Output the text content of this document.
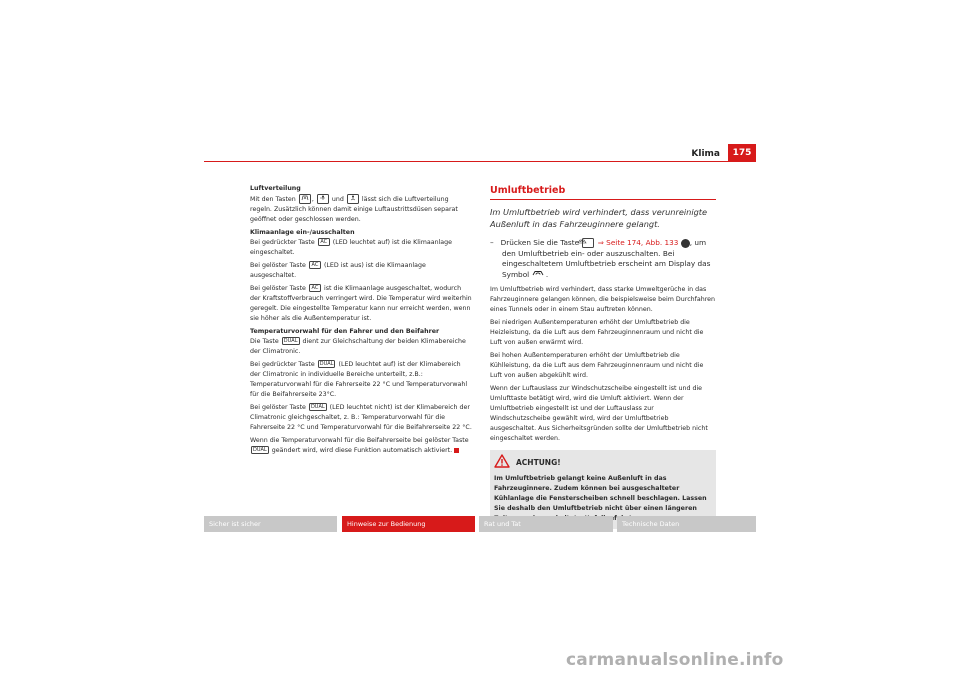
Klima	175
Luftverteilung

Mit den Tasten	,	und	lässt sich die Luftverteilung regeln. Zusätzlich können damit einige Luftaustrittsdüsen separat geöffnet oder geschlossen werden.

Klimaanlage ein-/ausschalten

Bei gedrückter Taste AC (LED leuchtet auf) ist die Klimaanlage eingeschaltet.

Bei gelöster Taste AC (LED ist aus) ist die Klimaanlage ausgeschaltet.

Bei gelöster Taste AC ist die Klimaanlage ausgeschaltet, wodurch der Kraftstoffverbrauch verringert wird. Die Temperatur wird weiterhin geregelt. Die eingestellte Temperatur kann nur erreicht werden, wenn sie höher als die Außentemperatur ist.

Temperaturvorwahl für den Fahrer und den Beifahrer

Die Taste DUAL dient zur Gleichschaltung der beiden Klimabereiche der Climatronic.

Bei gedrückter Taste DUAL (LED leuchtet auf) ist der Klimabereich der Climatronic in individuelle Bereiche unterteilt, z.B.: Temperaturvorwahl für die Fahrerseite 22 °C und Temperaturvorwahl für die Beifahrerseite 23°C.

Bei gelöster Taste DUAL (LED leuchtet nicht) ist der Klimabereich der Climatronic gleichgeschaltet, z. B.: Temperaturvorwahl für die Fahrerseite 22 °C und Temperaturvorwahl für die Beifahrerseite 22 °C.

Wenn die Temperaturvorwahl für die Beifahrerseite bei gelöster Taste DUAL geändert wird, wird diese Funktion automatisch aktiviert.

Umluftbetrieb

Im Umluftbetrieb wird verhindert, dass verunreinigte Außenluft in das Fahrzeuginnere gelangt.

– Drücken Sie die Taste	⇒ Seite 174, Abb. 133 2 , um den Umluftbetrieb ein- oder auszuschalten. Bei eingeschaltetem Umluftbetrieb erscheint am Display das Symbol .

Im Umluftbetrieb wird verhindert, dass starke Umweltgerüche in das Fahrzeuginnere gelangen können, die beispielsweise beim Durchfahren eines Tunnels oder in einem Stau auftreten können.

Bei niedrigen Außentemperaturen erhöht der Umluftbetrieb die Heizleistung, da die Luft aus dem Fahrzeuginnenraum und nicht die Luft von außen erwärmt wird.

Bei hohen Außentemperaturen erhöht der Umluftbetrieb die Kühlleistung, da die Luft aus dem Fahrzeuginnenraum und nicht die Luft von außen abgekühlt wird.

Wenn der Luftauslass zur Windschutzscheibe eingestellt ist und die Umlufttaste betätigt wird, wird die Umluft aktiviert. Wenn der Umluftbetrieb eingestellt ist und der Luftauslass zur Windschutzscheibe gewählt wird, wird der Umluftbetrieb ausgeschaltet. Aus Sicherheitsgründen sollte der Umluftbetrieb nicht eingeschaltet werden.

ACHTUNG!
Im Umluftbetrieb gelangt keine Außenluft in das Fahrzeuginnere. Zudem können bei ausgeschalteter Kühlanlage die Fensterscheiben schnell beschlagen. Lassen Sie deshalb den Umluftbetrieb nicht über einen längeren
Sicher ist sicher	Hinweise zur Bedienung	Rat und Tat	Technische Daten
carmanualsonline.info
